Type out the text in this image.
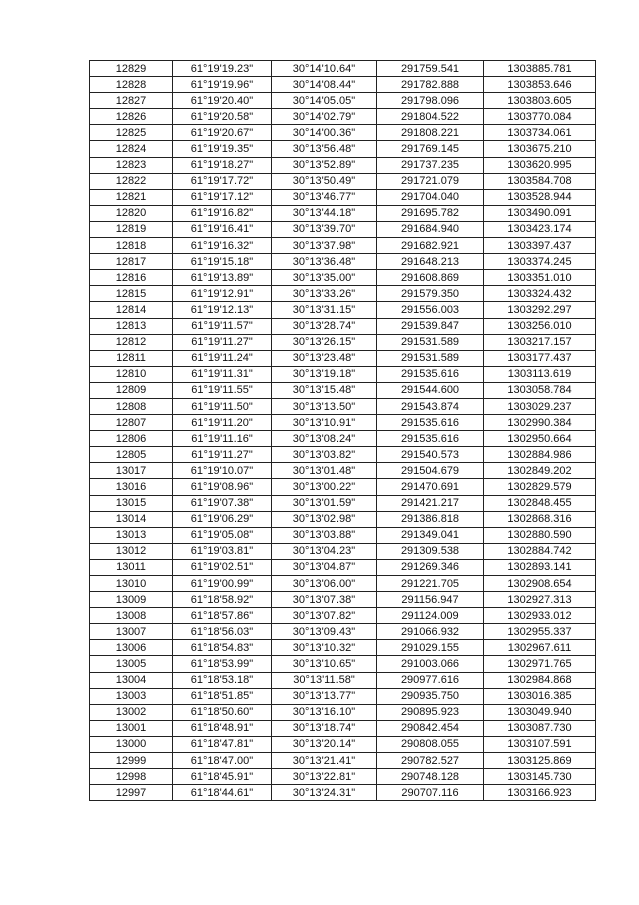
12829	61°19'19.23"	30°14'10.64"	291759.541	1303885.781
12828	61°19'19.96"	30°14'08.44"	291782.888	1303853.646
12827	61°19'20.40"	30°14'05.05"	291798.096	1303803.605
12826	61°19'20.58"	30°14'02.79"	291804.522	1303770.084
12825	61°19'20.67"	30°14'00.36"	291808.221	1303734.061
12824	61°19'19.35"	30°13'56.48"	291769.145	1303675.210
12823	61°19'18.27"	30°13'52.89"	291737.235	1303620.995
12822	61°19'17.72"	30°13'50.49"	291721.079	1303584.708
12821	61°19'17.12"	30°13'46.77"	291704.040	1303528.944
12820	61°19'16.82"	30°13'44.18"	291695.782	1303490.091
12819	61°19'16.41"	30°13'39.70"	291684.940	1303423.174
12818	61°19'16.32"	30°13'37.98"	291682.921	1303397.437
12817	61°19'15.18"	30°13'36.48"	291648.213	1303374.245
12816	61°19'13.89"	30°13'35.00"	291608.869	1303351.010
12815	61°19'12.91"	30°13'33.26"	291579.350	1303324.432
12814	61°19'12.13"	30°13'31.15"	291556.003	1303292.297
12813	61°19'11.57"	30°13'28.74"	291539.847	1303256.010
12812	61°19'11.27"	30°13'26.15"	291531.589	1303217.157
12811	61°19'11.24"	30°13'23.48"	291531.589	1303177.437
12810	61°19'11.31"	30°13'19.18"	291535.616	1303113.619
12809	61°19'11.55"	30°13'15.48"	291544.600	1303058.784
12808	61°19'11.50"	30°13'13.50"	291543.874	1303029.237
12807	61°19'11.20"	30°13'10.91"	291535.616	1302990.384
12806	61°19'11.16"	30°13'08.24"	291535.616	1302950.664
12805	61°19'11.27"	30°13'03.82"	291540.573	1302884.986
13017	61°19'10.07"	30°13'01.48"	291504.679	1302849.202
13016	61°19'08.96"	30°13'00.22"	291470.691	1302829.579
13015	61°19'07.38"	30°13'01.59"	291421.217	1302848.455
13014	61°19'06.29"	30°13'02.98"	291386.818	1302868.316
13013	61°19'05.08"	30°13'03.88"	291349.041	1302880.590
13012	61°19'03.81"	30°13'04.23"	291309.538	1302884.742
13011	61°19'02.51"	30°13'04.87"	291269.346	1302893.141
13010	61°19'00.99"	30°13'06.00"	291221.705	1302908.654
13009	61°18'58.92"	30°13'07.38"	291156.947	1302927.313
13008	61°18'57.86"	30°13'07.82"	291124.009	1302933.012
13007	61°18'56.03"	30°13'09.43"	291066.932	1302955.337
13006	61°18'54.83"	30°13'10.32"	291029.155	1302967.611
13005	61°18'53.99"	30°13'10.65"	291003.066	1302971.765
13004	61°18'53.18"	30°13'11.58"	290977.616	1302984.868
13003	61°18'51.85"	30°13'13.77"	290935.750	1303016.385
13002	61°18'50.60"	30°13'16.10"	290895.923	1303049.940
13001	61°18'48.91"	30°13'18.74"	290842.454	1303087.730
13000	61°18'47.81"	30°13'20.14"	290808.055	1303107.591
12999	61°18'47.00"	30°13'21.41"	290782.527	1303125.869
12998	61°18'45.91"	30°13'22.81"	290748.128	1303145.730
12997	61°18'44.61"	30°13'24.31"	290707.116	1303166.923
